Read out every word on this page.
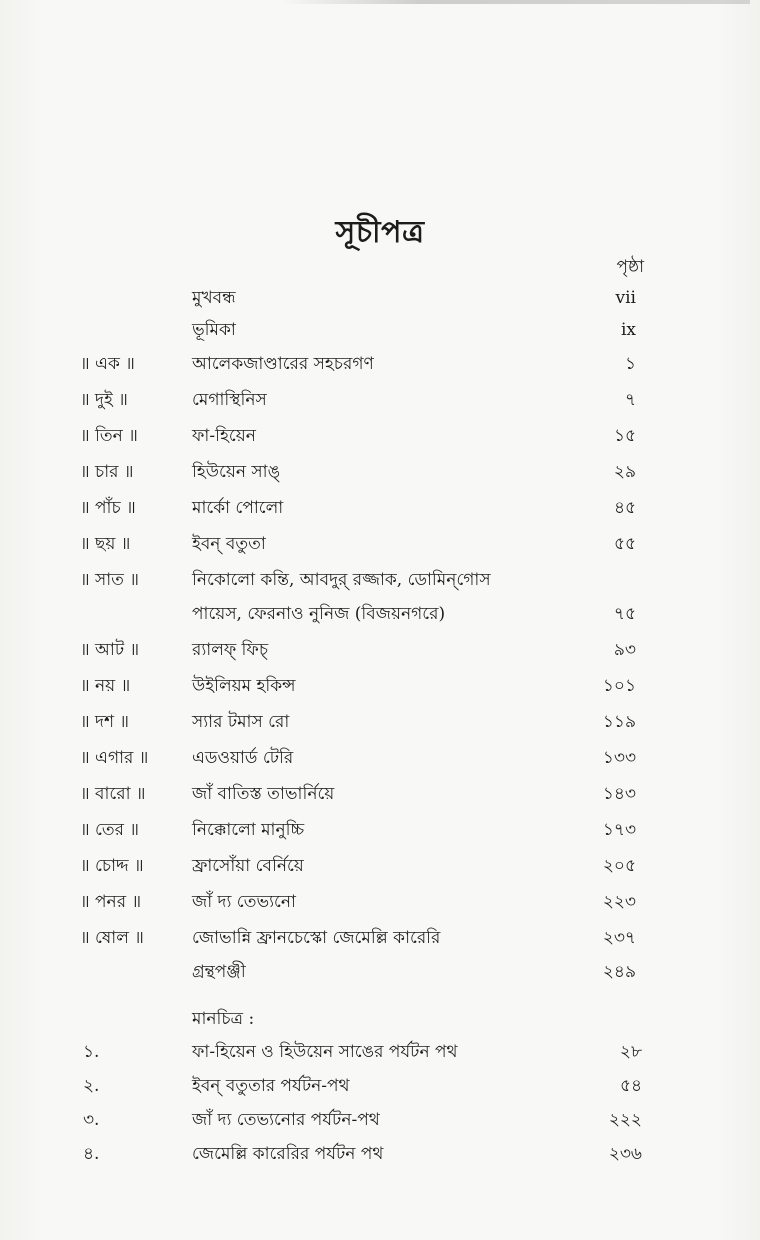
সূচীপত্র
পৃষ্ঠা
মুখবন্ধ	vii
ভূমিকা	ix
॥ এক ॥	আলেকজাণ্ডারের সহচরগণ	১
॥ দুই ॥	মেগাস্থিনিস	৭
॥ তিন ॥	ফা-হিয়েন	১৫
॥ চার ॥	হিউয়েন সাঙ্	২৯
॥ পাঁচ ॥	মার্কো পোলো	৪৫
॥ ছয় ॥	ইবন্ বতুতা	৫৫
॥ সাত ॥	নিকোলো কন্তি, আবদুর্ রজ্জাক, ডোমিন্‌গোস
পায়েস, ফেরনাও নুনিজ (বিজয়নগরে)	৭৫
॥ আট ॥	র‍্যালফ্ ফিচ্	৯৩
॥ নয় ॥	উইলিয়ম হকিন্স	১০১
॥ দশ ॥	স্যার টমাস রো	১১৯
॥ এগার ॥	এডওয়ার্ড টেরি	১৩৩
॥ বারো ॥	জাঁ বাতিস্ত তাভার্নিয়ে	১৪৩
॥ তের ॥	নিক্কোলো মানুচ্চি	১৭৩
॥ চোদ্দ ॥	ফ্রাসোঁয়া বের্নিয়ে	২০৫
॥ পনর ॥	জাঁ দ্য তেভ্যনো	২২৩
॥ ষোল ॥	জোভান্নি ফ্রানচেস্কো জেমেল্লি কারেরি	২৩৭
গ্রন্থপঞ্জী	২৪৯
মানচিত্র :
১.	ফা-হিয়েন ও হিউয়েন সাঙের পর্যটন পথ	২৮
২.	ইবন্ বতুতার পর্যটন-পথ	৫৪
৩.	জাঁ দ্য তেভ্যনোর পর্যটন-পথ	২২২
৪.	জেমেল্লি কারেরির পর্যটন পথ	২৩৬
